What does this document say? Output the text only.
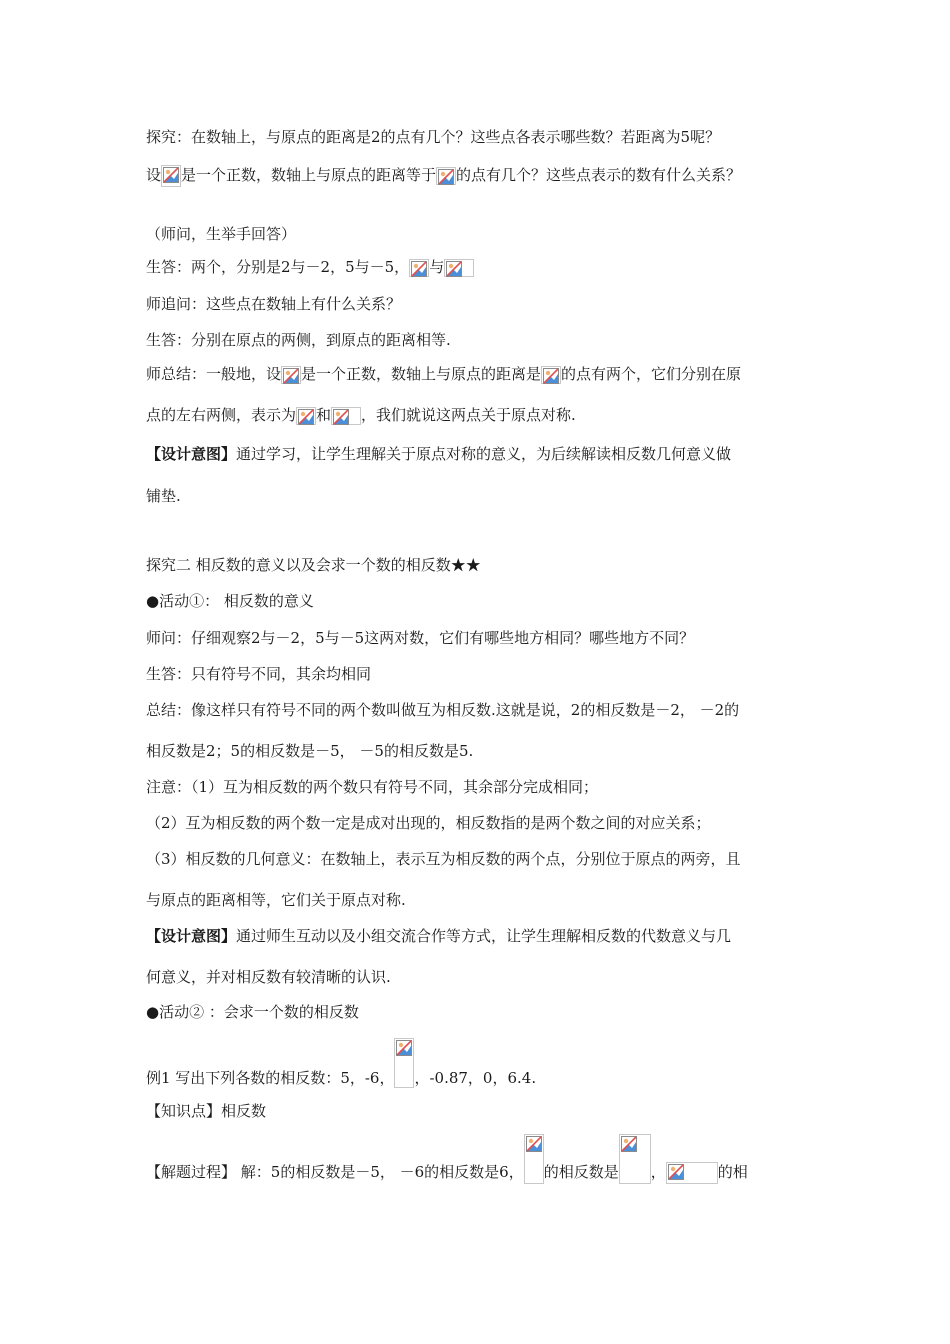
探究：在数轴上，与原点的距离是2的点有几个？这些点各表示哪些数？若距离为5呢？
设 是一个正数，数轴上与原点的距离等于 的点有几个？这些点表示的数有什么关系？
（师问，生举手回答）
生答：两个，分别是2与－2，5与－5， 与
师追问：这些点在数轴上有什么关系？
生答：分别在原点的两侧，到原点的距离相等.
师总结：一般地，设 是一个正数，数轴上与原点的距离是 的点有两个，它们分别在原
点的左右两侧，表示为 和 ，我们就说这两点关于原点对称.
【设计意图】通过学习，让学生理解关于原点对称的意义，为后续解读相反数几何意义做
铺垫.
探究二 相反数的意义以及会求一个数的相反数★★
●活动①： 相反数的意义
师问：仔细观察2与－2，5与－5这两对数，它们有哪些地方相同？哪些地方不同？
生答：只有符号不同，其余均相同
总结：像这样只有符号不同的两个数叫做互为相反数.这就是说，2的相反数是－2， －2的
相反数是2；5的相反数是－5， －5的相反数是5.
注意：（1）互为相反数的两个数只有符号不同，其余部分完成相同；
（2）互为相反数的两个数一定是成对出现的，相反数指的是两个数之间的对应关系；
（3）相反数的几何意义：在数轴上，表示互为相反数的两个点，分别位于原点的两旁，且
与原点的距离相等，它们关于原点对称.
【设计意图】通过师生互动以及小组交流合作等方式，让学生理解相反数的代数意义与几
何意义，并对相反数有较清晰的认识.
●活动② ：会求一个数的相反数
例1 写出下列各数的相反数：5，-6， ，-0.87，0，6.4.
【知识点】相反数
【解题过程】 解：5的相反数是－5， －6的相反数是6， 的相反数是 ，	的相
